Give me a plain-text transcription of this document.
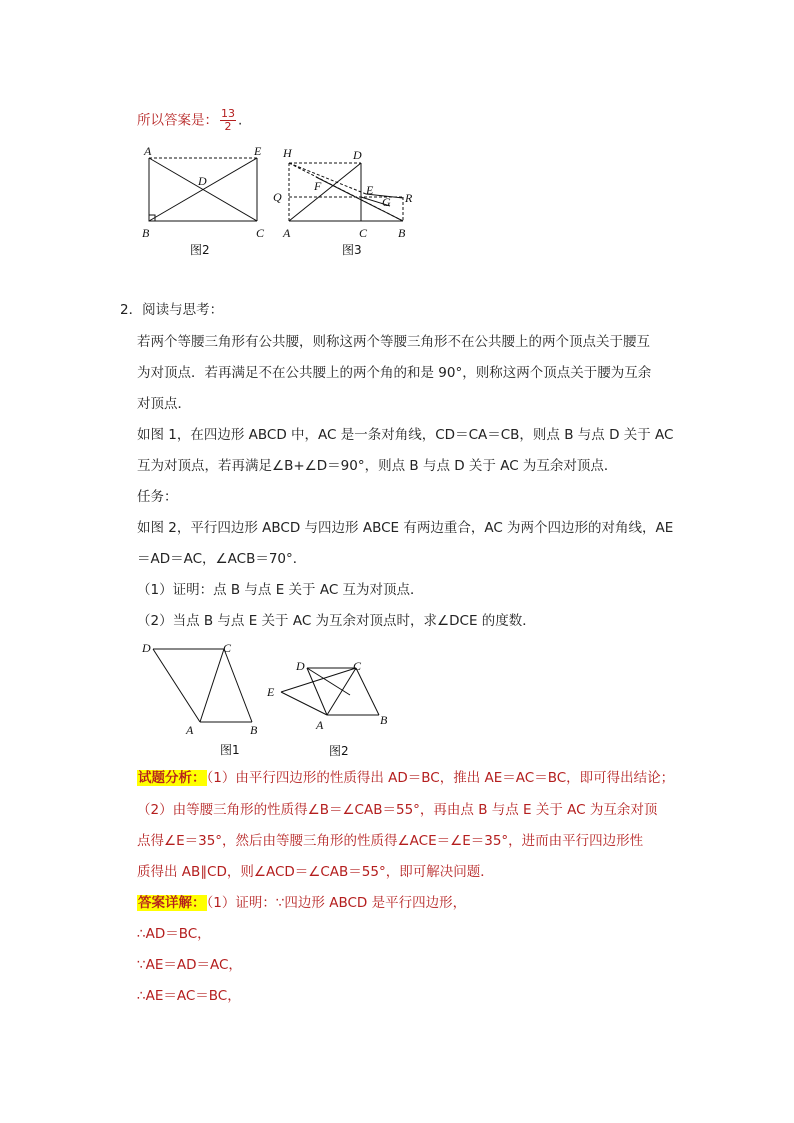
所以答案是： $\frac{13}{2}$ .
A	E
D
B	C
图2
H	D
F	E
Q	G R
A	C	B
图3
2．阅读与思考：
若两个等腰三角形有公共腰，则称这两个等腰三角形不在公共腰上的两个顶点关于腰互
为对顶点．若再满足不在公共腰上的两个角的和是 90°，则称这两个顶点关于腰为互余
对顶点．
如图 1，在四边形 ABCD 中，AC 是一条对角线，CD＝CA＝CB，则点 B 与点 D 关于 AC
互为对顶点，若再满足∠B+∠D＝90°，则点 B 与点 D 关于 AC 为互余对顶点．
任务：
如图 2，平行四边形 ABCD 与四边形 ABCE 有两边重合，AC 为两个四边形的对角线，AE
＝AD＝AC，∠ACB＝70°．
（1）证明：点 B 与点 E 关于 AC 互为对顶点．
（2）当点 B 与点 E 关于 AC 为互余对顶点时，求∠DCE 的度数．
D	C
A	B
图1
D	C
E
A	B
图2
试题分析：（1）由平行四边形的性质得出 AD＝BC，推出 AE＝AC＝BC，即可得出结论；
（2）由等腰三角形的性质得∠B＝∠CAB＝55°，再由点 B 与点 E 关于 AC 为互余对顶
点得∠E＝35°，然后由等腰三角形的性质得∠ACE＝∠E＝35°，进而由平行四边形性
质得出 AB∥CD，则∠ACD＝∠CAB＝55°，即可解决问题．
答案详解：（1）证明：∵四边形 ABCD 是平行四边形，
∴AD＝BC，
∵AE＝AD＝AC，
∴AE＝AC＝BC，
